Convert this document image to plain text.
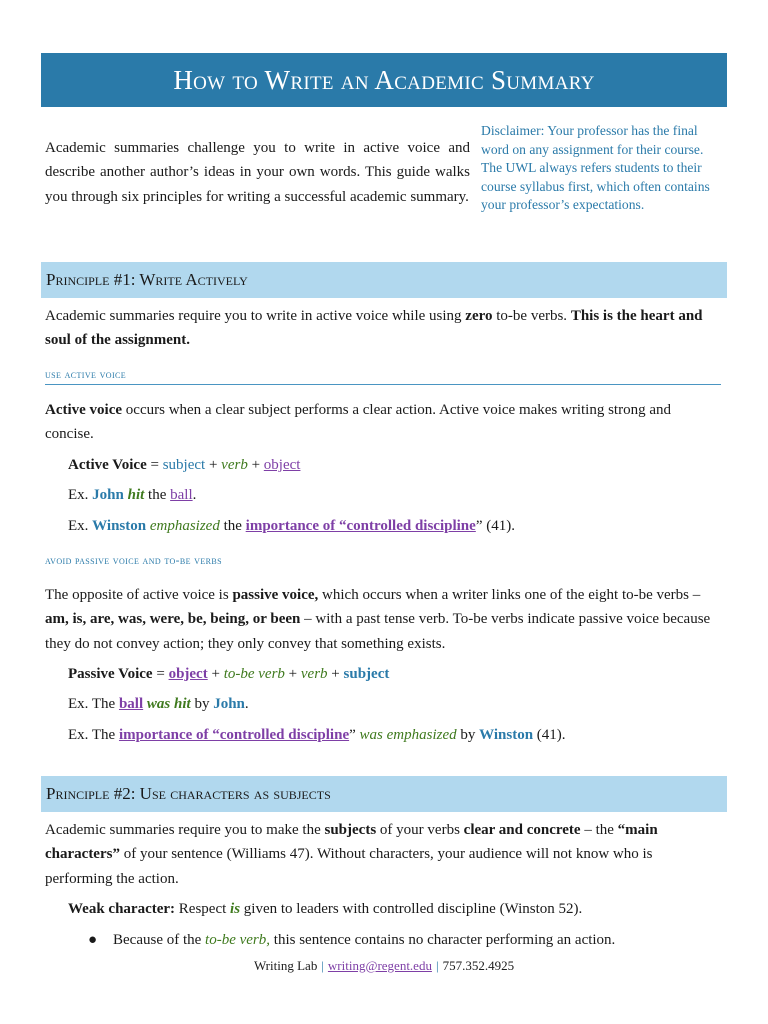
How to Write an Academic Summary
Academic summaries challenge you to write in active voice and describe another author’s ideas in your own words. This guide walks you through six principles for writing a successful academic summary.
Disclaimer: Your professor has the final word on any assignment for their course. The UWL always refers students to their course syllabus first, which often contains your professor’s expectations.
Principle #1: Write Actively
Academic summaries require you to write in active voice while using zero to-be verbs. This is the heart and soul of the assignment.
use active voice
Active voice occurs when a clear subject performs a clear action. Active voice makes writing strong and concise.
Active Voice = subject + verb + object
Ex. John hit the ball.
Ex. Winston emphasized the importance of “controlled discipline” (41).
avoid passive voice and to-be verbs
The opposite of active voice is passive voice, which occurs when a writer links one of the eight to-be verbs – am, is, are, was, were, be, being, or been – with a past tense verb. To-be verbs indicate passive voice because they do not convey action; they only convey that something exists.
Passive Voice = object + to-be verb + verb + subject
Ex. The ball was hit by John.
Ex. The importance of “controlled discipline” was emphasized by Winston (41).
Principle #2: Use characters as subjects
Academic summaries require you to make the subjects of your verbs clear and concrete – the “main characters” of your sentence (Williams 47). Without characters, your audience will not know who is performing the action.
Weak character: Respect is given to leaders with controlled discipline (Winston 52).
● Because of the to-be verb, this sentence contains no character performing an action.
Writing Lab | writing@regent.edu | 757.352.4925
